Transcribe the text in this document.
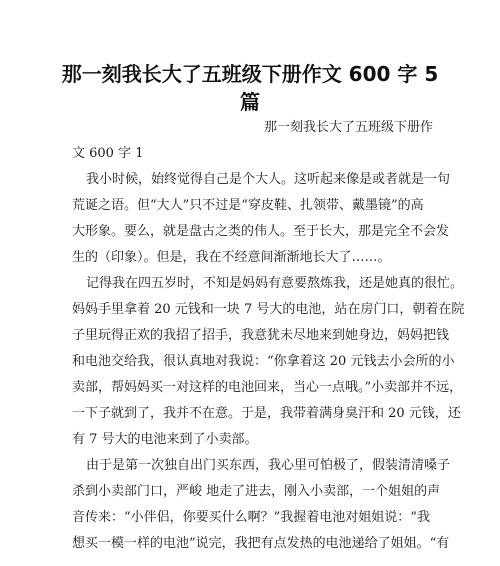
那一刻我长大了五班级下册作文 600 字 5
篇
那一刻我长大了五班级下册作
文 600 字 1
我小时候，始终觉得自己是个大人。这听起来像是或者就是一句
荒诞之语。但“大人”只不过是“穿皮鞋、扎领带、戴墨镜”的高
大形象。要么，就是盘古之类的伟人。至于长大，那是完全不会发
生的（印象）。但是，我在不经意间渐渐地长大了……。
记得我在四五岁时，不知是妈妈有意要熬炼我，还是她真的很忙。
妈妈手里拿着 20 元钱和一块 7 号大的电池，站在房门口，朝着在院
子里玩得正欢的我招了招手，我意犹未尽地来到她身边，妈妈把钱
和电池交给我，很认真地对我说：“你拿着这 20 元钱去小会所的小
卖部，帮妈妈买一对这样的电池回来，当心一点哦。”小卖部并不远，
一下子就到了，我并不在意。于是，我带着满身臭汗和 20 元钱，还
有 7 号大的电池来到了小卖部。
由于是第一次独自出门买东西，我心里可怕极了，假装清清嗓子
杀到小卖部门口，严峻 地走了进去，刚入小卖部，一个姐姐的声
音传来：“小伴侣，你要买什么啊？”我握着电池对姐姐说：“我
想买一模一样的电池”说完，我把有点发热的电池递给了姐姐。“有
